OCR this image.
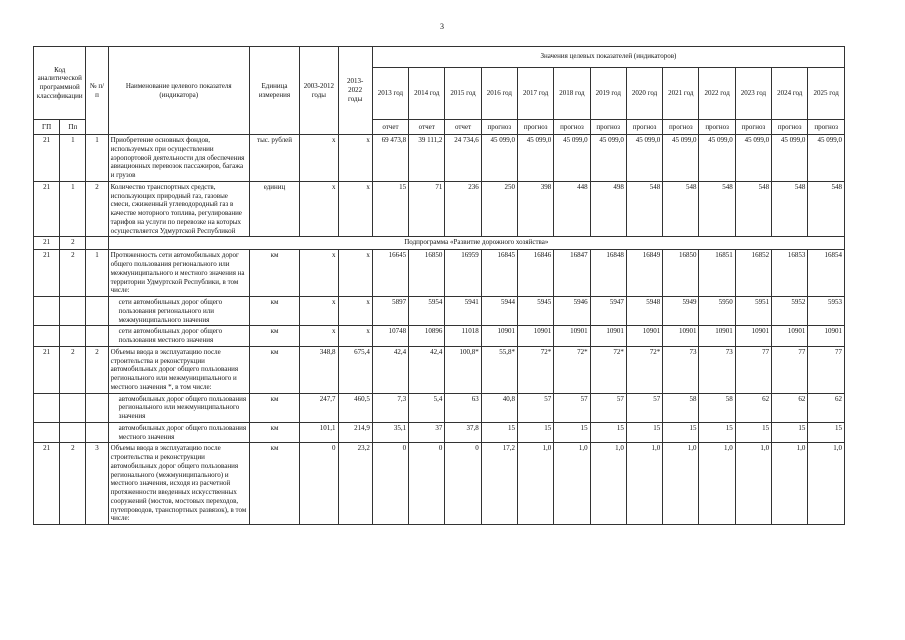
3
Код аналитической программной классификации		№ п/п	Наименование целевого показателя (индикатора)	Единица измерения	2003-2012 годы	2013-2022 годы	Значения целевых показателей (индикаторов)												
							2013 год	2014 год	2015 год	2016 год	2017 год	2018 год	2019 год	2020 год	2021 год	2022 год	2023 год	2024 год	2025 год
ГП	Пп						отчет	отчет	отчет	прогноз	прогноз	прогноз	прогноз	прогноз	прогноз	прогноз	прогноз	прогноз	прогноз
21	1	1	Приобретение основных фондов, используемых при осуществлении аэропортовой деятельности для обеспечения авиационных перевозок пассажиров, багажа и грузов	тыс. рублей	х	х	69 473,8	39 111,2	24 734,6	45 099,0	45 099,0	45 099,0	45 099,0	45 099,0	45 099,0	45 099,0	45 099,0	45 099,0	45 099,0
21	1	2	Количество транспортных средств, использующих природный газ, газовые смеси, сжиженный углеводородный газ в качестве моторного топлива, регулирование тарифов на услуги по перевозке на которых осуществляется Удмуртской Республикой	единиц	х	х	15	71	236	250	398	448	498	548	548	548	548	548	548
21	2		Подпрограмма «Развитие дорожного хозяйства»																
21	2	1	Протяженность сети автомобильных дорог общего пользования регионального или межмуниципального и местного значения на территории Удмуртской Республики, в том числе:	км	х	х	16645	16850	16959	16845	16846	16847	16848	16849	16850	16851	16852	16853	16854
			сети автомобильных дорог общего пользования регионального или межмуниципального значения	км	х	х	5897	5954	5941	5944	5945	5946	5947	5948	5949	5950	5951	5952	5953
			сети автомобильных дорог общего пользования местного значения	км	х	х	10748	10896	11018	10901	10901	10901	10901	10901	10901	10901	10901	10901	10901
21	2	2	Объемы ввода в эксплуатацию после строительства и реконструкции автомобильных дорог общего пользования регионального или межмуниципального и местного значения *, в том числе:	км	348,8	675,4	42,4	42,4	100,8*	55,8*	72*	72*	72*	72*	73	73	77	77	77
			автомобильных дорог общего пользования регионального или межмуниципального значения	км	247,7	460,5	7,3	5,4	63	40,8	57	57	57	57	58	58	62	62	62
			автомобильных дорог общего пользования местного значения	км	101,1	214,9	35,1	37	37,8	15	15	15	15	15	15	15	15	15	15
21	2	3	Объемы ввода в эксплуатацию после строительства и реконструкции автомобильных дорог общего пользования регионального (межмуниципального) и местного значения, исходя из расчетной протяженности введенных искусственных сооружений (мостов, мостовых переходов, путепроводов, транспортных развязок), в том числе:	км	0	23,2	0	0	0	17,2	1,0	1,0	1,0	1,0	1,0	1,0	1,0	1,0	1,0
